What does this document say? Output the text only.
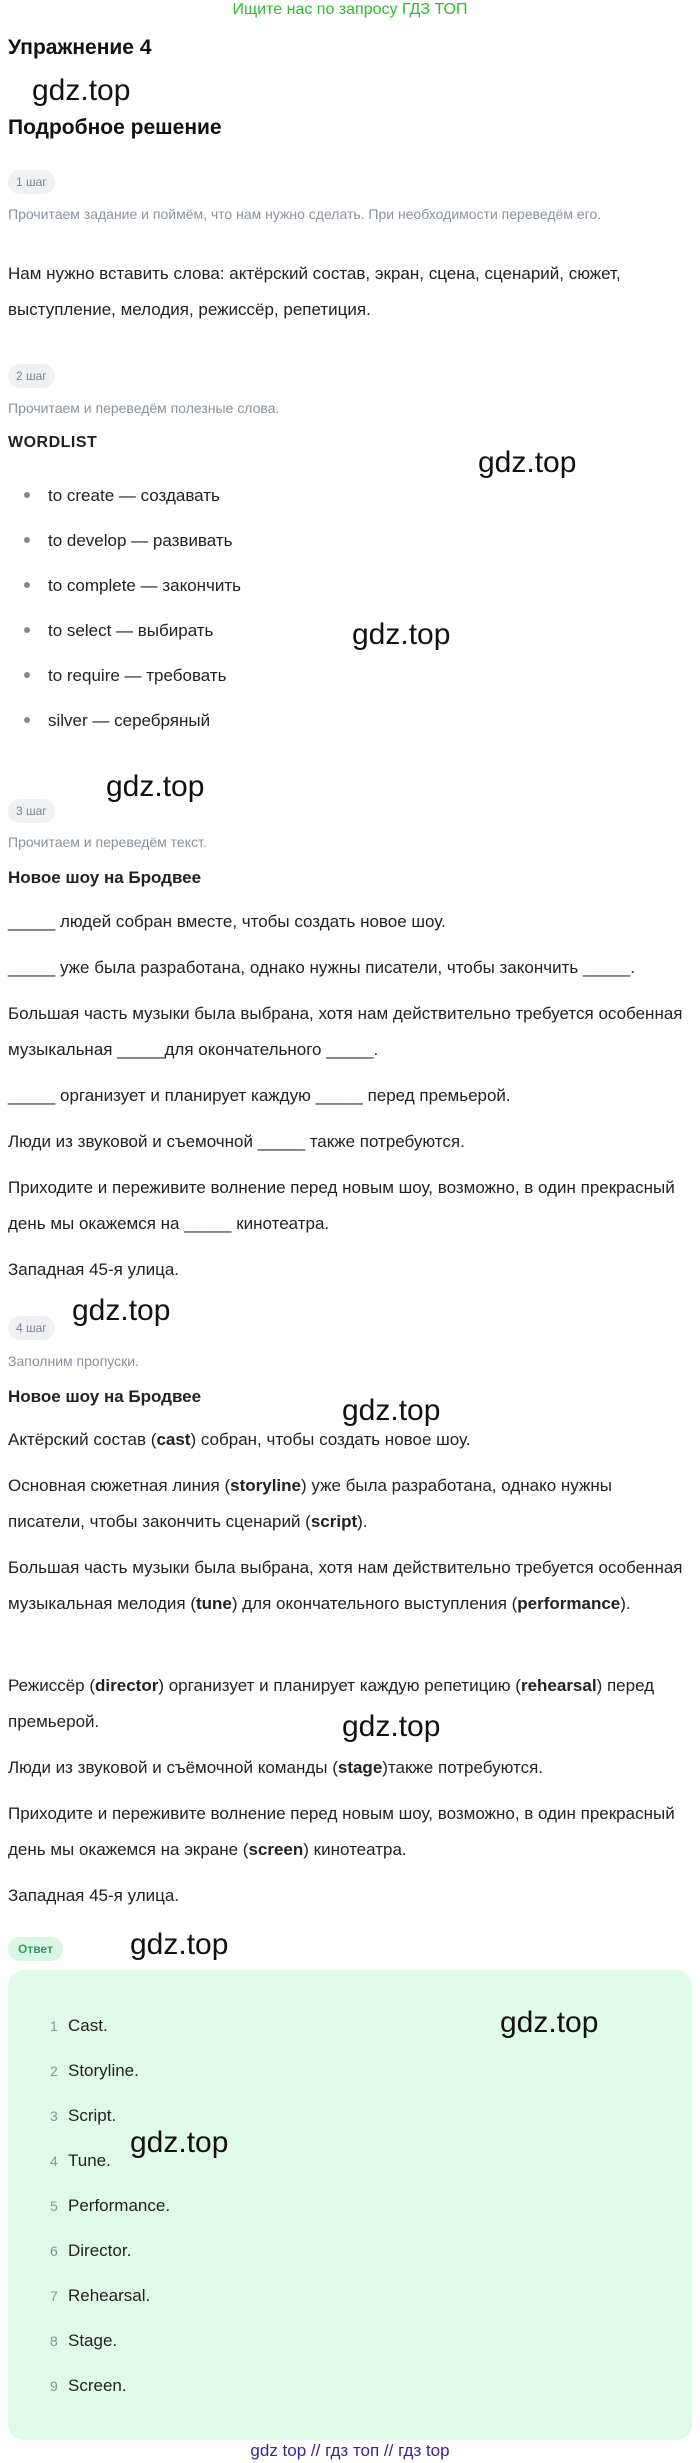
Ищите нас по запросу ГДЗ ТОП
Упражнение 4
gdz.top
Подробное решение
1 шаг
Прочитаем задание и поймём, что нам нужно сделать. При необходимости переведём его.
Нам нужно вставить слова: актёрский состав, экран, сцена, сценарий, сюжет, выступление, мелодия, режиссёр, репетиция.
2 шаг
Прочитаем и переведём полезные слова.
WORDLIST
gdz.top
to create — создавать
to develop — развивать
to complete — закончить
to select — выбирать	gdz.top
to require — требовать
silver — серебряный
gdz.top
3 шаг
Прочитаем и переведём текст.
Новое шоу на Бродвее
_____ людей собран вместе, чтобы создать новое шоу.
_____ уже была разработана, однако нужны писатели, чтобы закончить _____.
Большая часть музыки была выбрана, хотя нам действительно требуется особенная музыкальная _____для окончательного _____.
_____ организует и планирует каждую _____ перед премьерой.
Люди из звуковой и съемочной _____ также потребуются.
Приходите и переживите волнение перед новым шоу, возможно, в один прекрасный день мы окажемся на _____ кинотеатра.
Западная 45-я улица.
4 шаг
gdz.top
Заполним пропуски.
Новое шоу на Бродвее	gdz.top
Актёрский состав (cast) собран, чтобы создать новое шоу.
Основная сюжетная линия (storyline) уже была разработана, однако нужны писатели, чтобы закончить сценарий (script).
Большая часть музыки была выбрана, хотя нам действительно требуется особенная музыкальная мелодия (tune) для окончательного выступления (performance).
Режиссёр (director) организует и планирует каждую репетицию (rehearsal) перед премьерой.	gdz.top
Люди из звуковой и съёмочной команды (stage)также потребуются.
Приходите и переживите волнение перед новым шоу, возможно, в один прекрасный день мы окажемся на экране (screen) кинотеатра.
Западная 45-я улица.
Ответ	gdz.top
gdz.top
1 Cast.
2 Storyline.
3 Script.
gdz.top
4 Tune.
5 Performance.
6 Director.
7 Rehearsal.
8 Stage.
9 Screen.
gdz top // гдз топ // гдз top
